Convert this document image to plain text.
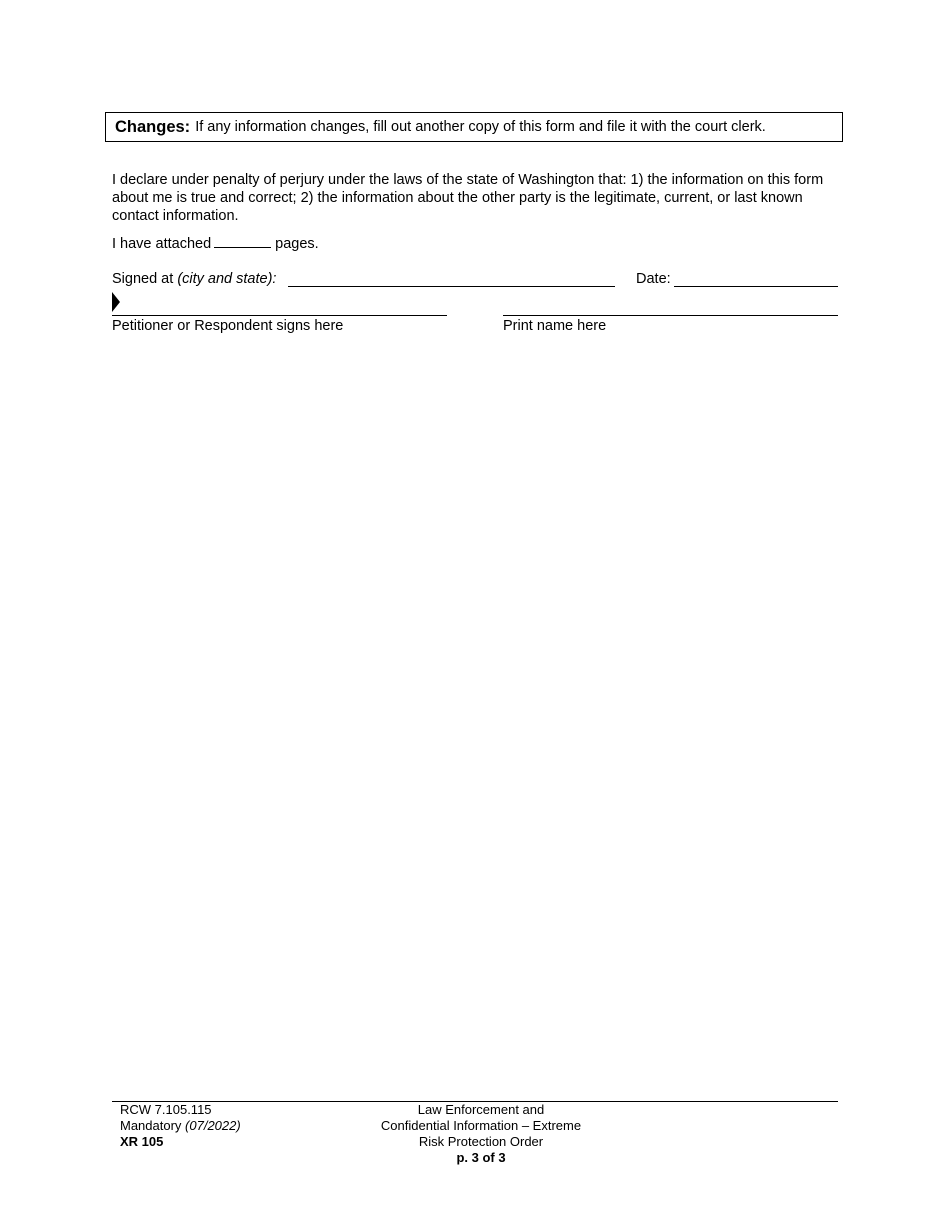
Changes: If any information changes, fill out another copy of this form and file it with the court clerk.
I declare under penalty of perjury under the laws of the state of Washington that: 1) the information on this form about me is true and correct; 2) the information about the other party is the legitimate, current, or last known contact information.
I have attached	pages.
Signed at (city and state):	Date:
Petitioner or Respondent signs here	Print name here
RCW 7.105.115
Mandatory (07/2022)
XR 105
Law Enforcement and
Confidential Information – Extreme
Risk Protection Order
p. 3 of 3
